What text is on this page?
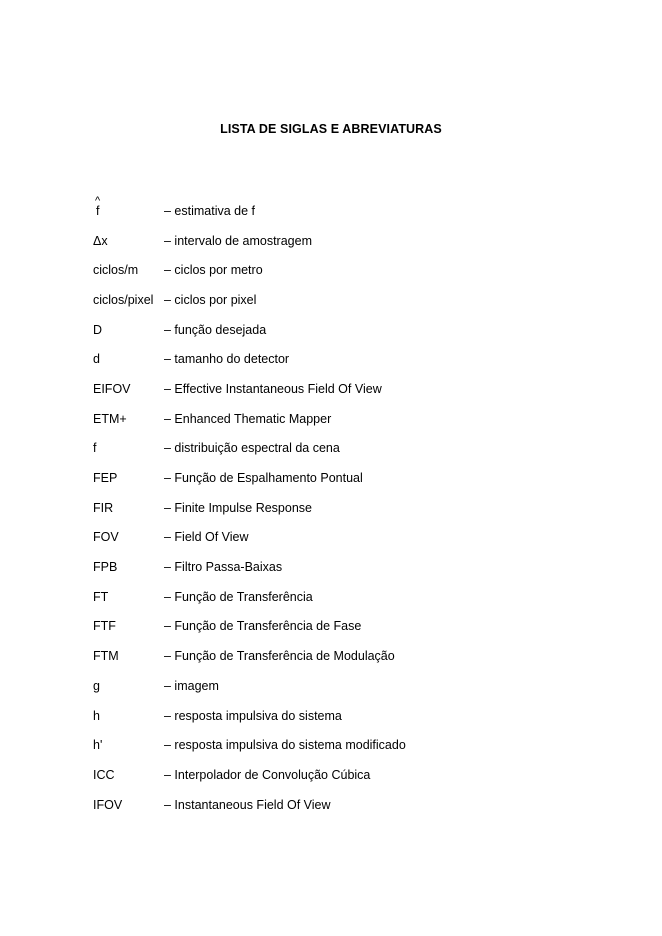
LISTA DE SIGLAS E ABREVIATURAS
^ f	– estimativa de f
Δx	– intervalo de amostragem
ciclos/m	– ciclos por metro
ciclos/pixel – ciclos por pixel
D	– função desejada
d	– tamanho do detector
EIFOV	– Effective Instantaneous Field Of View
ETM+	– Enhanced Thematic Mapper
f	– distribuição espectral da cena
FEP	– Função de Espalhamento Pontual
FIR	– Finite Impulse Response
FOV	– Field Of View
FPB	– Filtro Passa-Baixas
FT	– Função de Transferência
FTF	– Função de Transferência de Fase
FTM	– Função de Transferência de Modulação
g	– imagem
h	– resposta impulsiva do sistema
h'	– resposta impulsiva do sistema modificado
ICC	– Interpolador de Convolução Cúbica
IFOV	– Instantaneous Field Of View
